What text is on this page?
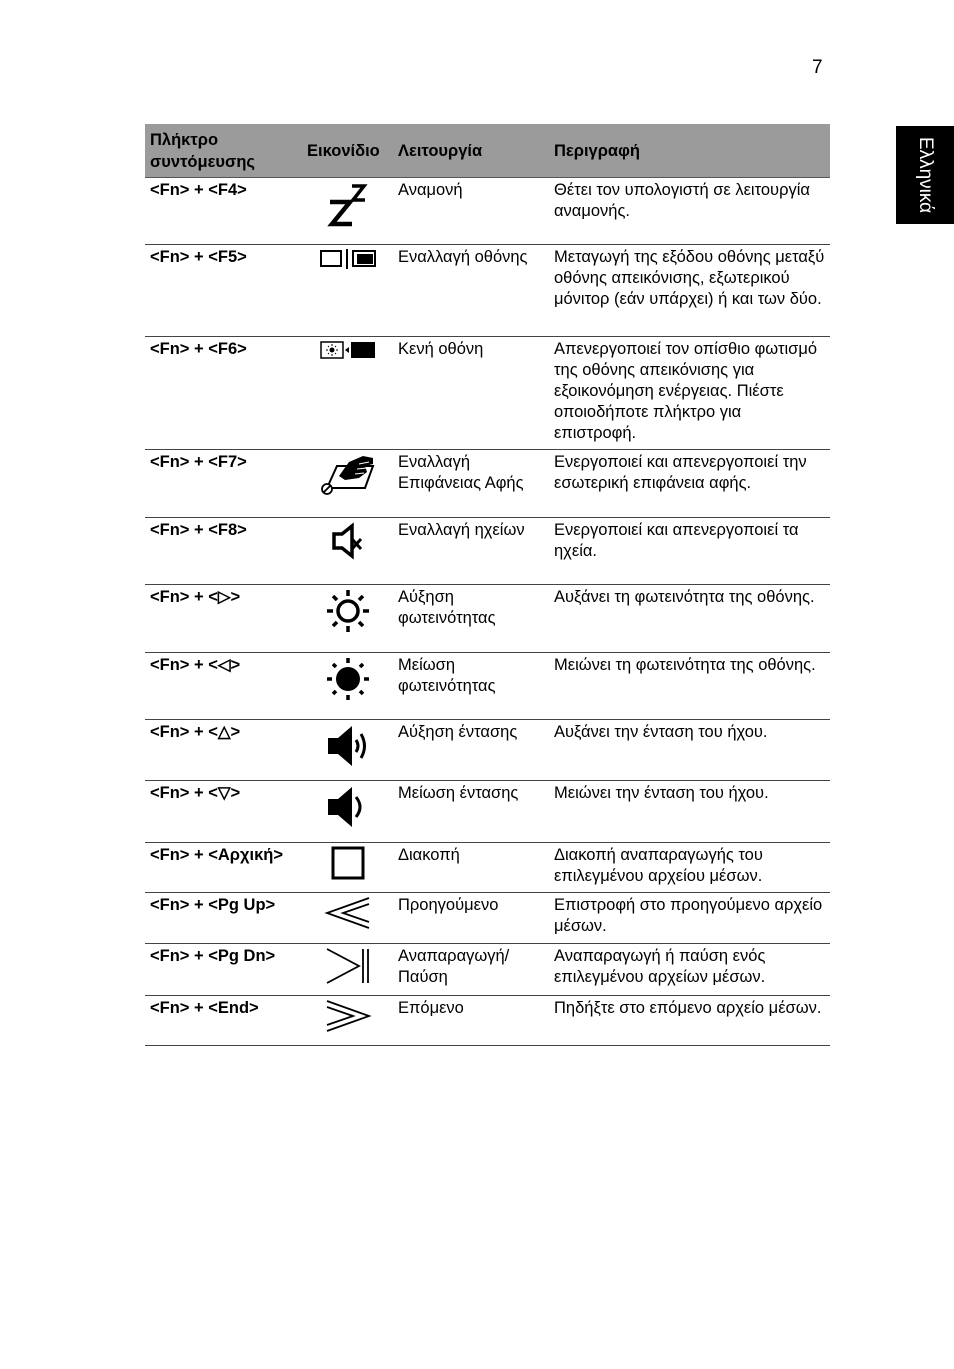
7
Ελληνικά
Πλήκτρο συντόμευσης	Εικονίδιο	Λειτουργία	Περιγραφή
<Fn> + <F4>		Αναμονή	Θέτει τον υπολογιστή σε λειτουργία αναμονής.
<Fn> + <F5>		Εναλλαγή οθόνης	Μεταγωγή της εξόδου οθόνης μεταξύ οθόνης απεικόνισης, εξωτερικού μόνιτορ (εάν υπάρχει) ή και των δύο.
<Fn> + <F6>		Κενή οθόνη	Απενεργοποιεί τον οπίσθιο φωτισμό της οθόνης απεικόνισης για εξοικονόμηση ενέργειας. Πιέστε οποιοδήποτε πλήκτρο για επιστροφή.
<Fn> + <F7>		Εναλλαγή Επιφάνειας Αφής	Ενεργοποιεί και απενεργοποιεί την εσωτερική επιφάνεια αφής.
<Fn> + <F8>		Εναλλαγή ηχείων	Ενεργοποιεί και απενεργοποιεί τα ηχεία.
<Fn> + <▷>		Αύξηση φωτεινότητας	Αυξάνει τη φωτεινότητα της οθόνης.
<Fn> + <◁>		Μείωση φωτεινότητας	Μειώνει τη φωτεινότητα της οθόνης.
<Fn> + <△>		Αύξηση έντασης	Αυξάνει την ένταση του ήχου.
<Fn> + <▽>		Μείωση έντασης	Μειώνει την ένταση του ήχου.
<Fn> + <Αρχική>		Διακοπή	Διακοπή αναπαραγωγής του επιλεγμένου αρχείου μέσων.
<Fn> + <Pg Up>		Προηγούμενο	Επιστροφή στο προηγούμενο αρχείο μέσων.
<Fn> + <Pg Dn>		Αναπαραγωγή/ Παύση	Αναπαραγωγή ή παύση ενός επιλεγμένου αρχείων μέσων.
<Fn> + <End>		Επόμενο	Πηδήξτε στο επόμενο αρχείο μέσων.
